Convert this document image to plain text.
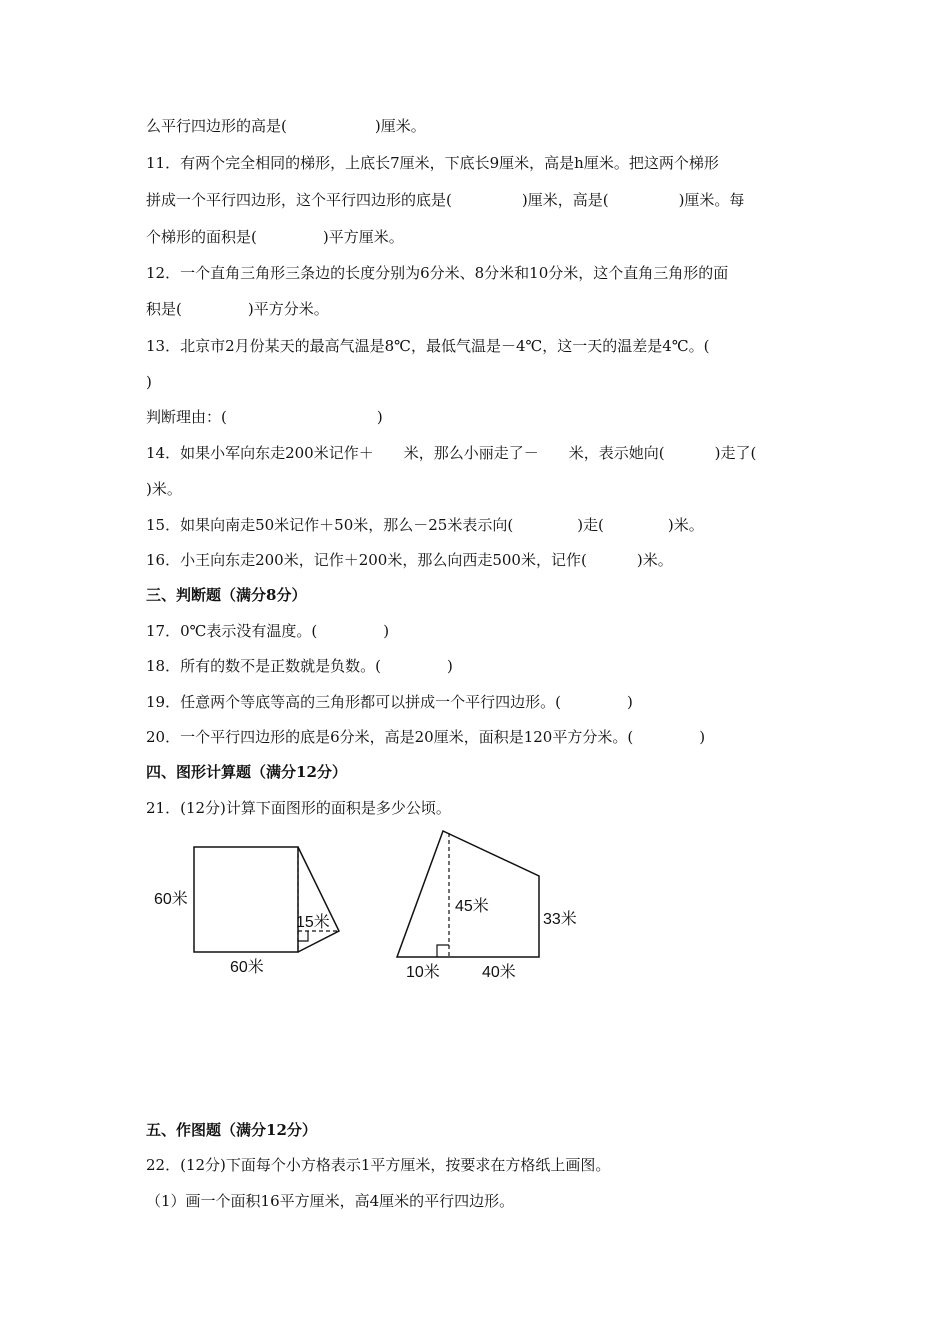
么平行四边形的高是(	)厘米。
11．有两个完全相同的梯形，上底长7厘米，下底长9厘米，高是h厘米。把这两个梯形
拼成一个平行四边形，这个平行四边形的底是(	)厘米，高是(	)厘米。每
个梯形的面积是(	)平方厘米。
12．一个直角三角形三条边的长度分别为6分米、8分米和10分米，这个直角三角形的面
积是(	)平方分米。
13．北京市2月份某天的最高气温是8℃，最低气温是－4℃，这一天的温差是4℃。(
)
判断理由：(	)
14．如果小军向东走200米记作＋ 米，那么小丽走了－ 米，表示她向(	)走了(
)米。
15．如果向南走50米记作＋50米，那么－25米表示向(	)走(	)米。
16．小王向东走200米，记作＋200米，那么向西走500米，记作(	)米。
三、判断题（满分8分）
17．0℃表示没有温度。(	)
18．所有的数不是正数就是负数。(	)
19．任意两个等底等高的三角形都可以拼成一个平行四边形。(	)
20．一个平行四边形的底是6分米，高是20厘米，面积是120平方分米。(	)
四、图形计算题（满分12分）
21．(12分)计算下面图形的面积是多少公顷。
60米
60米
15米
45米
33米
10米	40米
五、作图题（满分12分）
22．(12分)下面每个小方格表示1平方厘米，按要求在方格纸上画图。
（1）画一个面积16平方厘米，高4厘米的平行四边形。
